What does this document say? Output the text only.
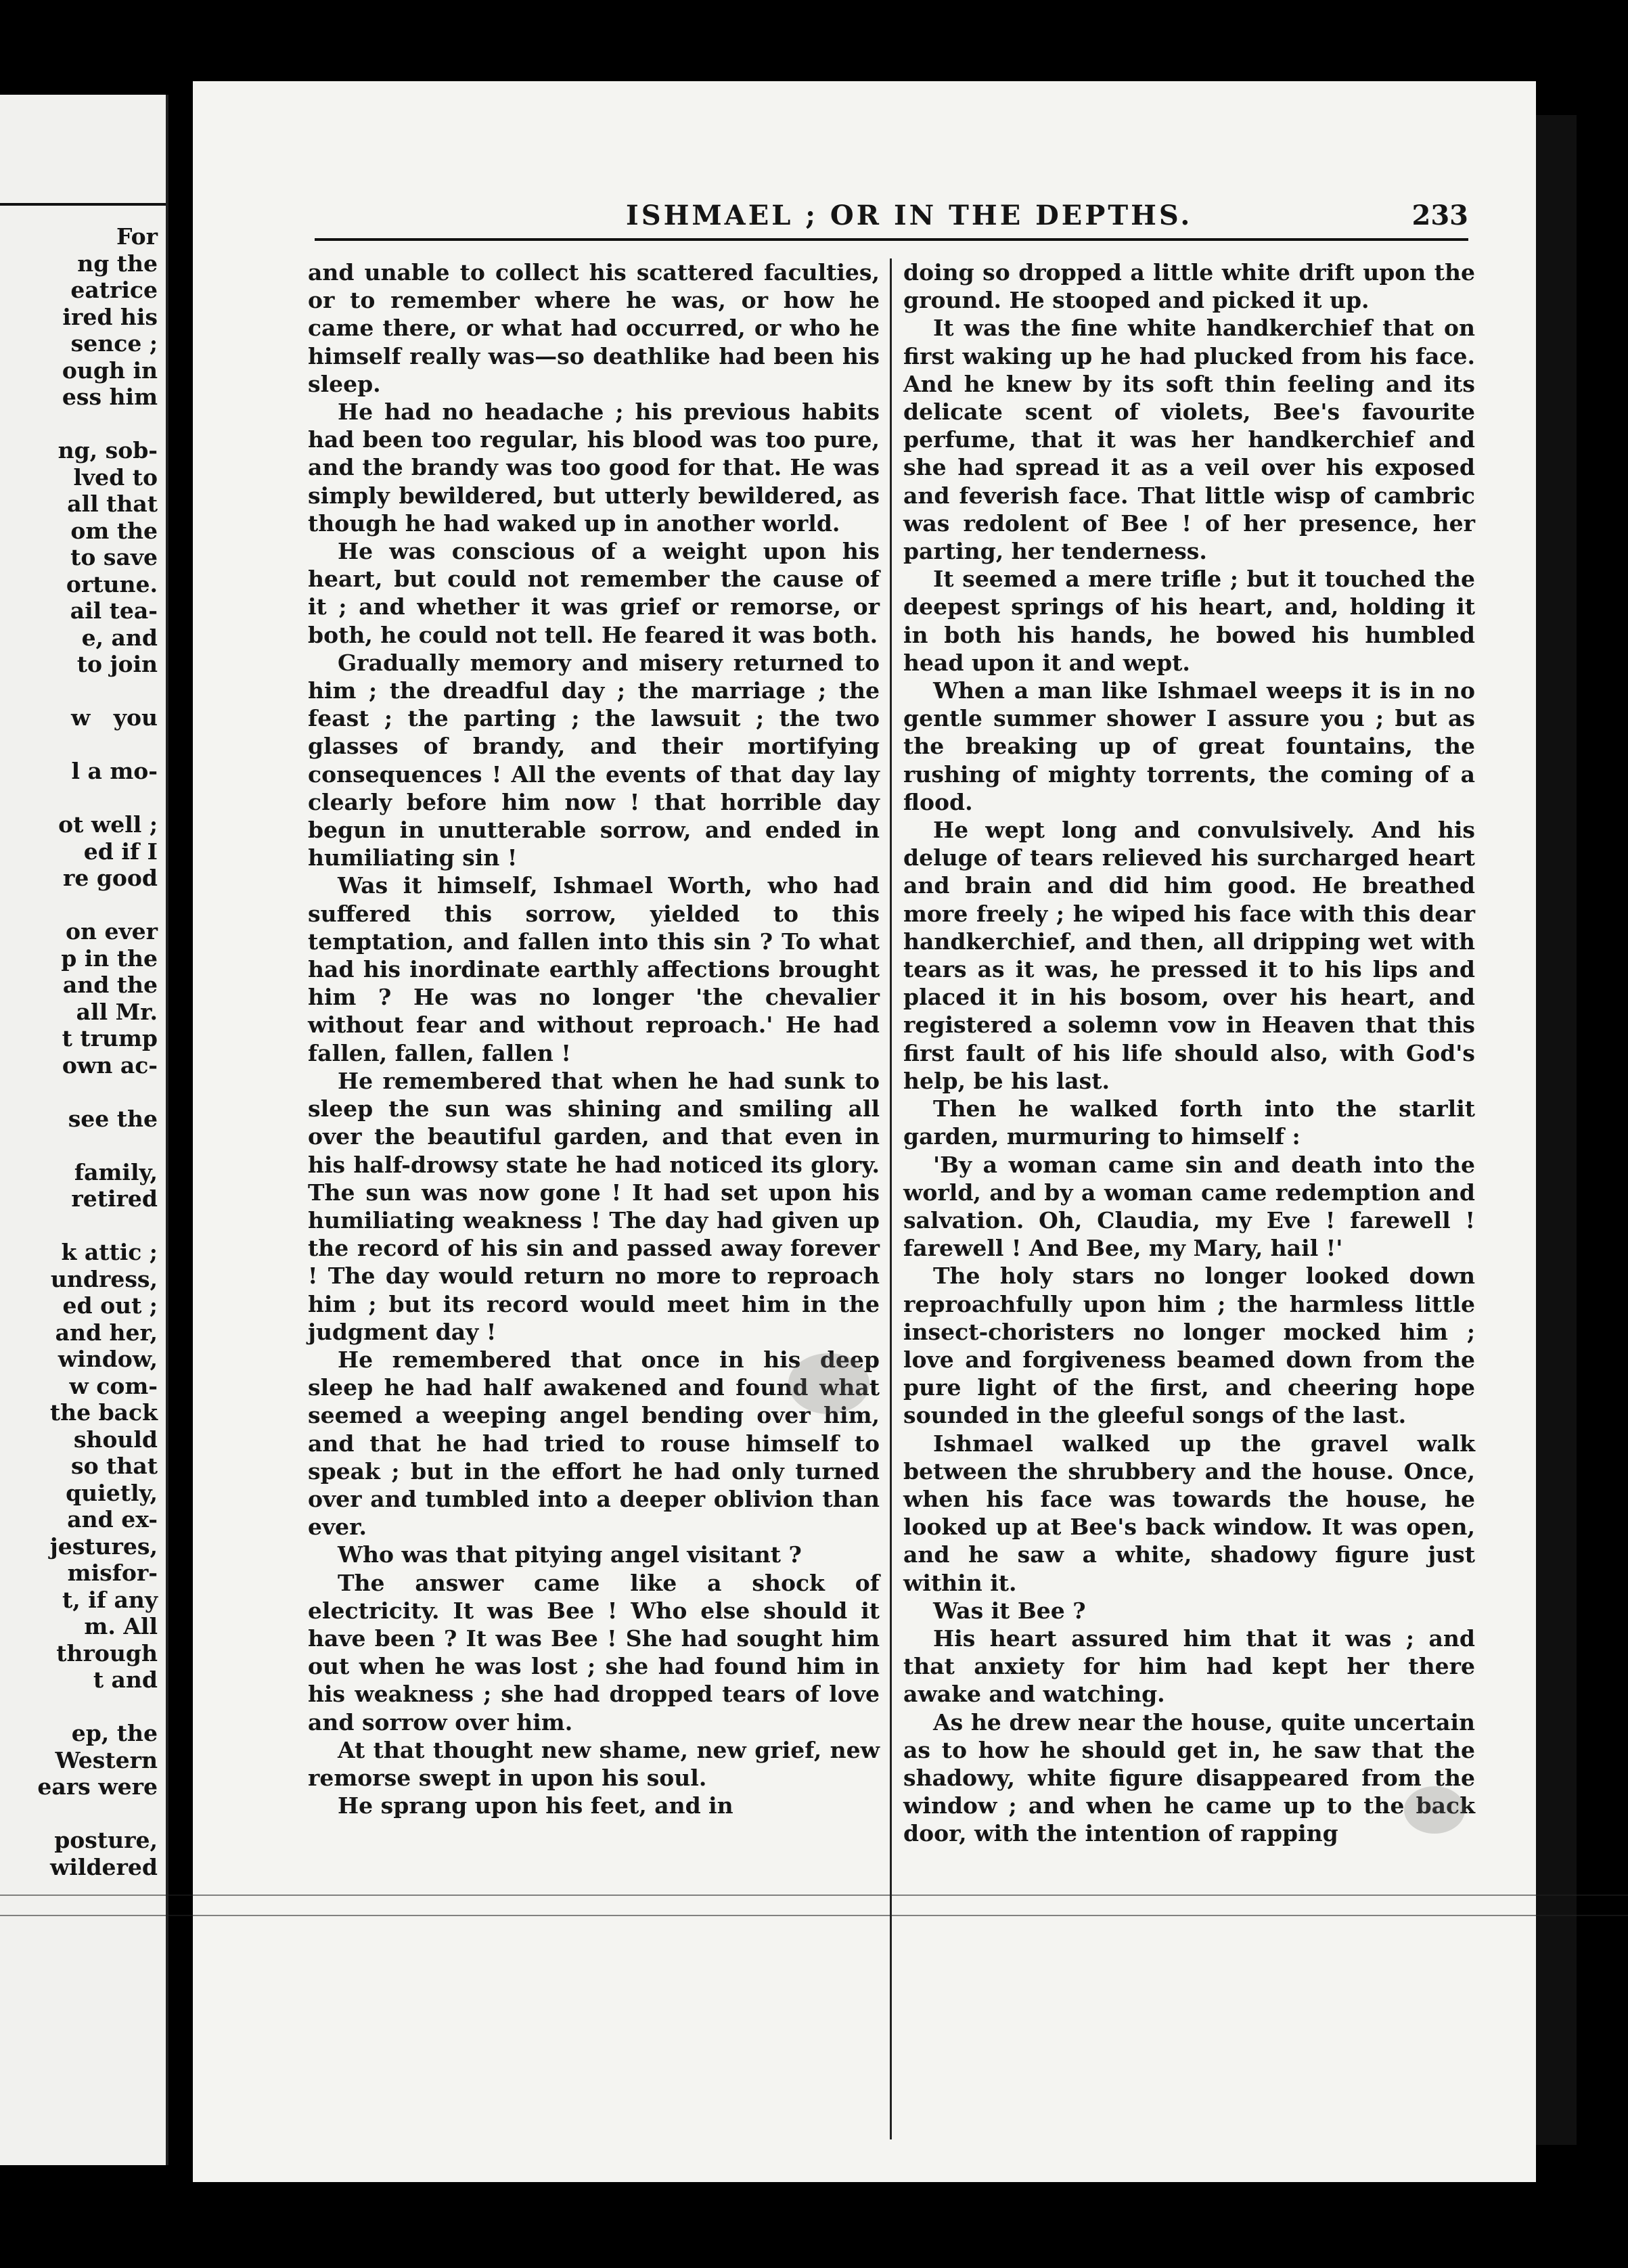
For
ng the
eatrice
ired his
sence ;
ough in
ess him

ng, sob-
lved to
all that
om the
to save
ortune.
ail tea-
e, and
to join

w   you

l a mo-

ot well ;
ed if I
re good

on ever
p in the
and the
all Mr.
t trump
own ac-

see the

family,
retired

k attic ;
undress,
ed out ;
and her,
window,
w com-
the back
should
so that
quietly,
and ex-
jestures,
misfor-
t, if any
m. All
through
t and

ep, the
Western
ears were

posture,
wildered
ISHMAEL ; OR IN THE DEPTHS.	233

and unable to collect his scattered faculties, or to remember where he was, or how he came there, or what had occurred, or who he himself really was—so deathlike had been his sleep.

He had no headache ; his previous habits had been too regular, his blood was too pure, and the brandy was too good for that. He was simply bewildered, but utterly bewildered, as though he had waked up in another world.

He was conscious of a weight upon his heart, but could not remember the cause of it ; and whether it was grief or remorse, or both, he could not tell. He feared it was both.

Gradually memory and misery returned to him ; the dreadful day ; the marriage ; the feast ; the parting ; the lawsuit ; the two glasses of brandy, and their mortifying consequences ! All the events of that day lay clearly before him now ! that horrible day begun in unutterable sorrow, and ended in humiliating sin !

Was it himself, Ishmael Worth, who had suffered this sorrow, yielded to this temptation, and fallen into this sin ? To what had his inordinate earthly affections brought him ? He was no longer 'the chevalier without fear and without reproach.' He had fallen, fallen, fallen !

He remembered that when he had sunk to sleep the sun was shining and smiling all over the beautiful garden, and that even in his half-drowsy state he had noticed its glory. The sun was now gone ! It had set upon his humiliating weakness ! The day had given up the record of his sin and passed away forever ! The day would return no more to reproach him ; but its record would meet him in the judgment day !

He remembered that once in his deep sleep he had half awakened and found what seemed a weeping angel bending over him, and that he had tried to rouse himself to speak ; but in the effort he had only turned over and tumbled into a deeper oblivion than ever.

Who was that pitying angel visitant ?

The answer came like a shock of electricity. It was Bee ! Who else should it have been ? It was Bee ! She had sought him out when he was lost ; she had found him in his weakness ; she had dropped tears of love and sorrow over him.

At that thought new shame, new grief, new remorse swept in upon his soul.

He sprang upon his feet, and in

doing so dropped a little white drift upon the ground. He stooped and picked it up.

It was the fine white handkerchief that on first waking up he had plucked from his face. And he knew by its soft thin feeling and its delicate scent of violets, Bee's favourite perfume, that it was her handkerchief and she had spread it as a veil over his exposed and feverish face. That little wisp of cambric was redolent of Bee ! of her presence, her parting, her tenderness.

It seemed a mere trifle ; but it touched the deepest springs of his heart, and, holding it in both his hands, he bowed his humbled head upon it and wept.

When a man like Ishmael weeps it is in no gentle summer shower I assure you ; but as the breaking up of great fountains, the rushing of mighty torrents, the coming of a flood.

He wept long and convulsively. And his deluge of tears relieved his surcharged heart and brain and did him good. He breathed more freely ; he wiped his face with this dear handkerchief, and then, all dripping wet with tears as it was, he pressed it to his lips and placed it in his bosom, over his heart, and registered a solemn vow in Heaven that this first fault of his life should also, with God's help, be his last.

Then he walked forth into the starlit garden, murmuring to himself :

'By a woman came sin and death into the world, and by a woman came redemption and salvation. Oh, Claudia, my Eve ! farewell ! farewell ! And Bee, my Mary, hail !'

The holy stars no longer looked down reproachfully upon him ; the harmless little insect-choristers no longer mocked him ; love and forgiveness beamed down from the pure light of the first, and cheering hope sounded in the gleeful songs of the last.

Ishmael walked up the gravel walk between the shrubbery and the house. Once, when his face was towards the house, he looked up at Bee's back window. It was open, and he saw a white, shadowy figure just within it.

Was it Bee ?

His heart assured him that it was ; and that anxiety for him had kept her there awake and watching.

As he drew near the house, quite uncertain as to how he should get in, he saw that the shadowy, white figure disappeared from the window ; and when he came up to the back door, with the intention of rapping
